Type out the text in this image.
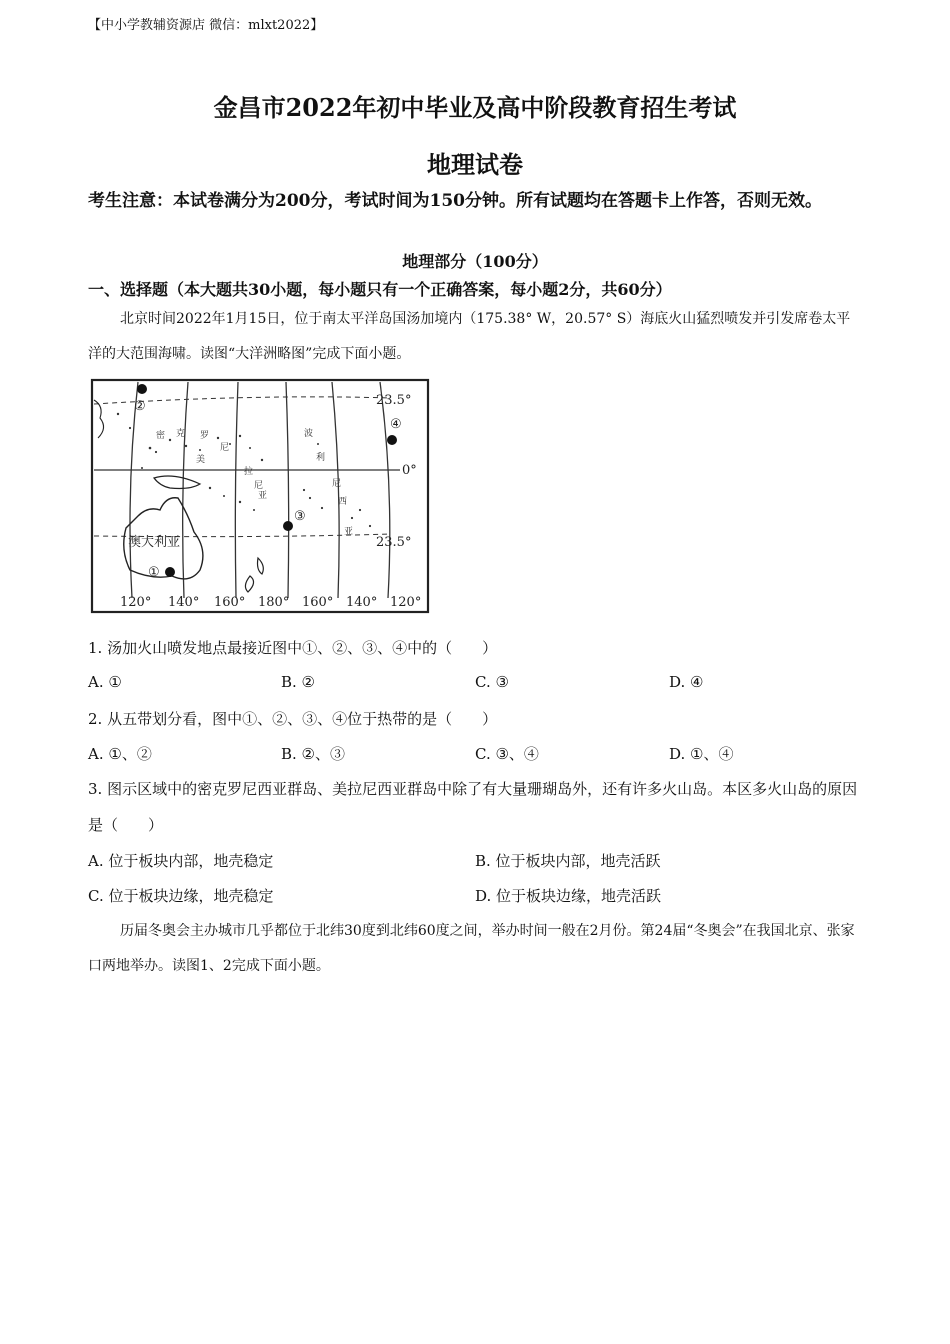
【中小学教辅资源店 微信：mlxt2022】
金昌市2022年初中毕业及高中阶段教育招生考试
地理试卷
考生注意：本试卷满分为200分，考试时间为150分钟。所有试题均在答题卡上作答，否则无效。
地理部分（100分）
一、选择题（本大题共30小题，每小题只有一个正确答案，每小题2分，共60分）
北京时间2022年1月15日，位于南太平洋岛国汤加境内（175.38° W，20.57° S）海底火山猛烈喷发并引发席卷太平洋的大范围海啸。读图“大洋洲略图”完成下面小题。
密 克 罗
尼
波
利
美
拉
尼
亚
尼
西
亚
澳大利亚
23.5°
0°
23.5°
②
④
③
①
120° 140° 160° 180° 160° 140° 120°
1. 汤加火山喷发地点最接近图中①、②、③、④中的（　　）
A. ①	B. ②	C. ③	D. ④
2. 从五带划分看，图中①、②、③、④位于热带的是（　　）
A. ①、②	B. ②、③	C. ③、④	D. ①、④
3. 图示区域中的密克罗尼西亚群岛、美拉尼西亚群岛中除了有大量珊瑚岛外，还有许多火山岛。本区多火山岛的原因是（　　）
A. 位于板块内部，地壳稳定	B. 位于板块内部，地壳活跃
C. 位于板块边缘，地壳稳定	D. 位于板块边缘，地壳活跃
历届冬奥会主办城市几乎都位于北纬30度到北纬60度之间，举办时间一般在2月份。第24届“冬奥会”在我国北京、张家口两地举办。读图1、2完成下面小题。
